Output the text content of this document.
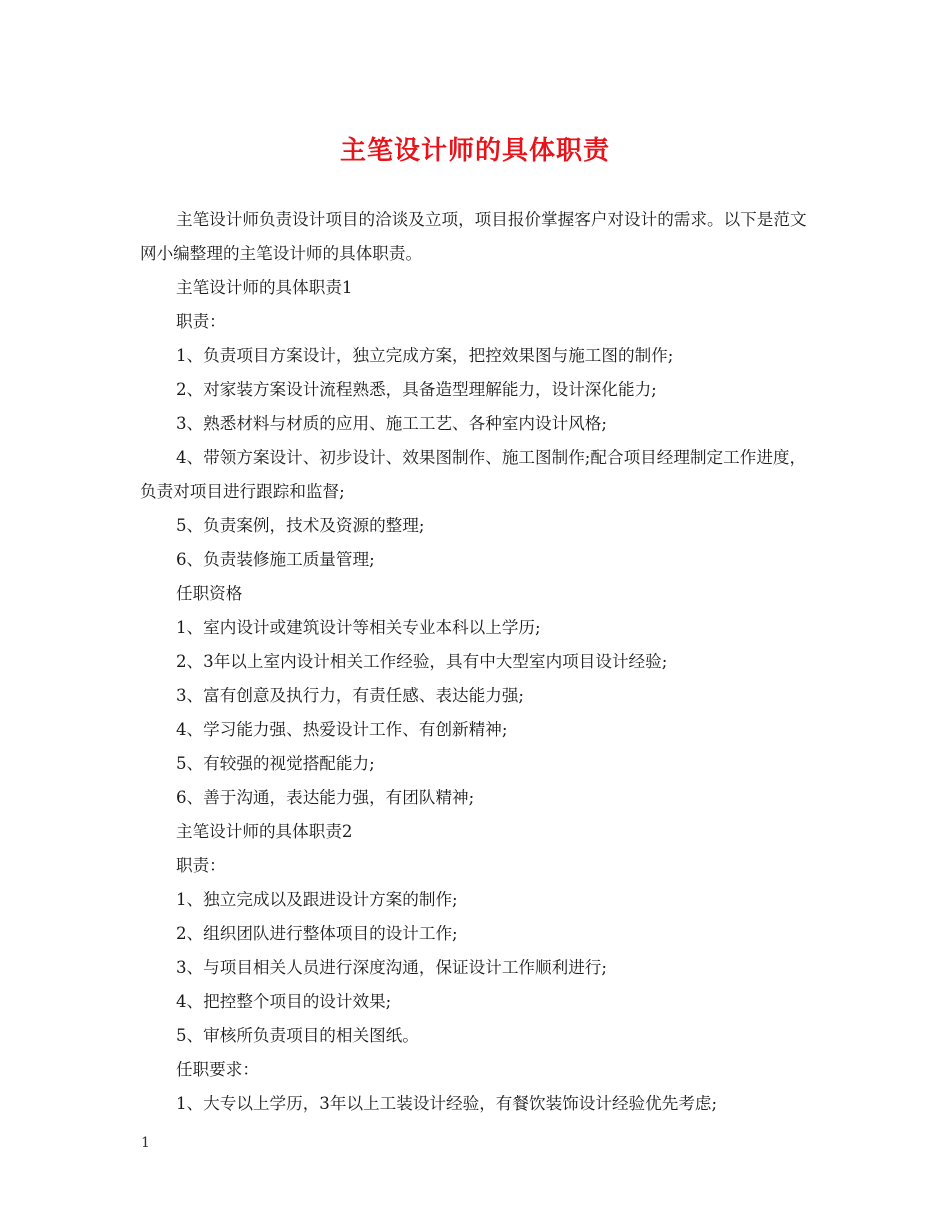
主笔设计师的具体职责

主笔设计师负责设计项目的洽谈及立项，项目报价掌握客户对设计的需求。以下是范文网小编整理的主笔设计师的具体职责。

主笔设计师的具体职责1

职责：

1、负责项目方案设计，独立完成方案，把控效果图与施工图的制作;

2、对家装方案设计流程熟悉，具备造型理解能力，设计深化能力;

3、熟悉材料与材质的应用、施工工艺、各种室内设计风格;

4、带领方案设计、初步设计、效果图制作、施工图制作;配合项目经理制定工作进度，负责对项目进行跟踪和监督;

5、负责案例，技术及资源的整理;

6、负责装修施工质量管理;

任职资格

1、室内设计或建筑设计等相关专业本科以上学历;

2、3年以上室内设计相关工作经验，具有中大型室内项目设计经验;

3、富有创意及执行力，有责任感、表达能力强;

4、学习能力强、热爱设计工作、有创新精神;

5、有较强的视觉搭配能力;

6、善于沟通，表达能力强，有团队精神;

主笔设计师的具体职责2

职责：

1、独立完成以及跟进设计方案的制作;

2、组织团队进行整体项目的设计工作;

3、与项目相关人员进行深度沟通，保证设计工作顺利进行;

4、把控整个项目的设计效果;

5、审核所负责项目的相关图纸。

任职要求：

1、大专以上学历，3年以上工装设计经验，有餐饮装饰设计经验优先考虑;

1
